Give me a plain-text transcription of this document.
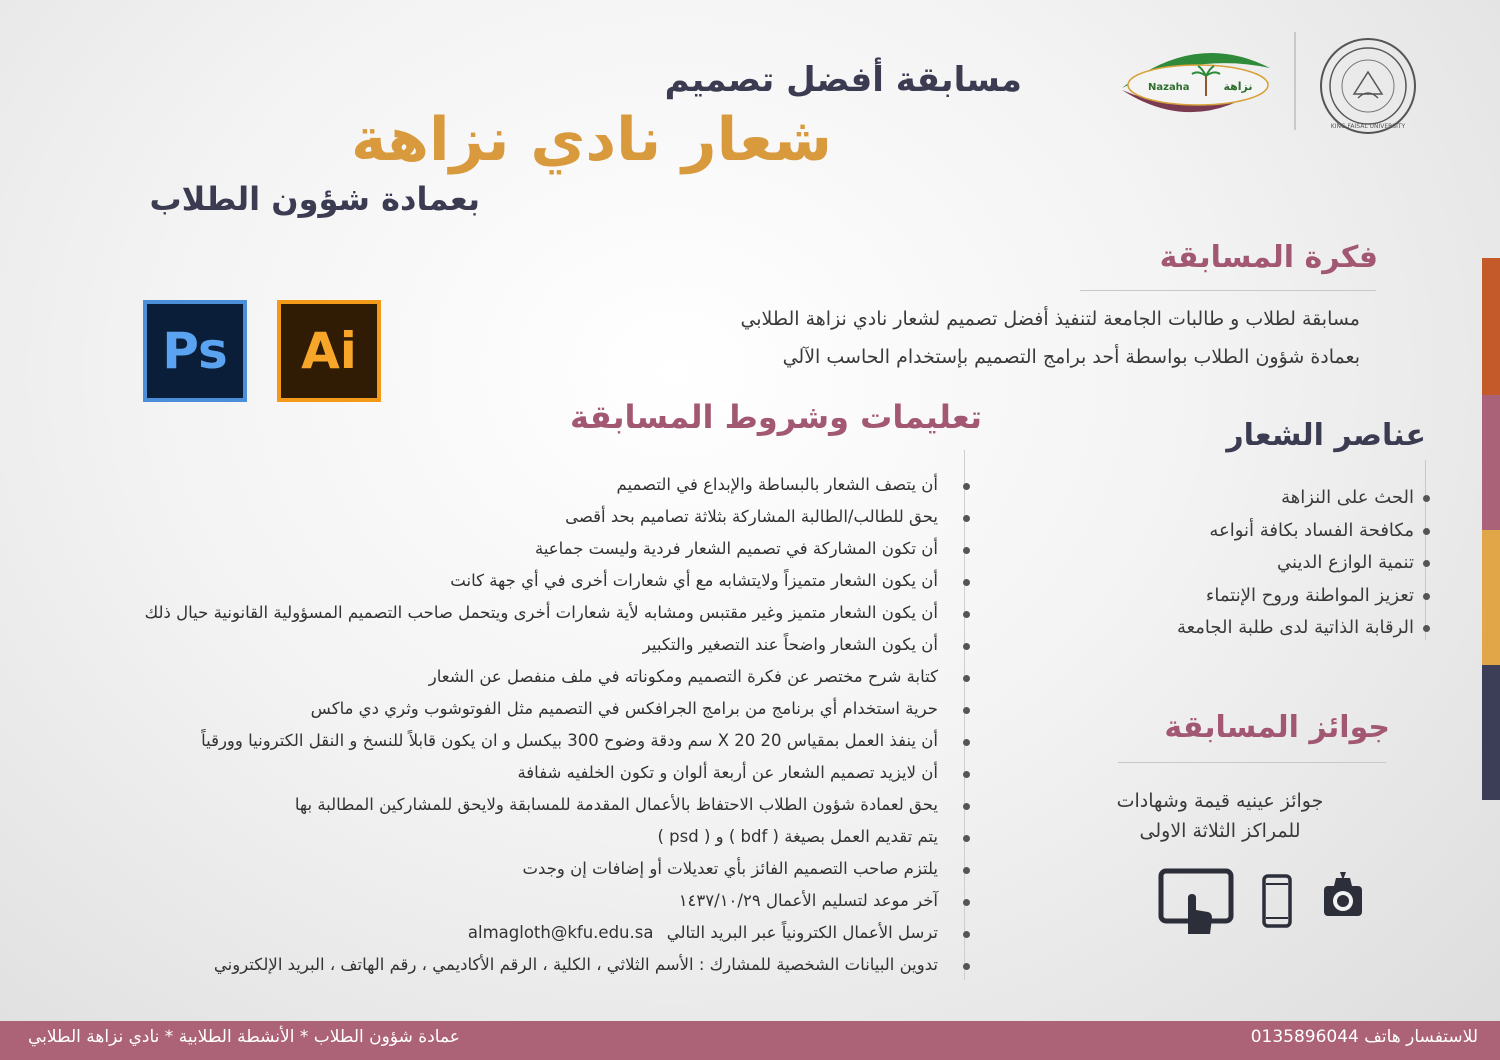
KING FAISAL UNIVERSITY
Nazaha	نزاهة
مسابقة أفضل تصميم
شعار نادي نزاهة
بعمادة شؤون الطلاب
Ps Ai
فكرة المسابقة
مسابقة لطلاب و طالبات الجامعة لتنفيذ أفضل تصميم لشعار نادي نزاهة الطلابي
بعمادة شؤون الطلاب بواسطة أحد برامج التصميم بإستخدام الحاسب الآلي
عناصر الشعار
الحث على النزاهة
مكافحة الفساد بكافة أنواعه
تنمية الوازع الديني
تعزيز المواطنة وروح الإنتماء
الرقابة الذاتية لدى طلبة الجامعة
جوائز المسابقة
جوائز عينيه قيمة وشهادات
للمراكز الثلاثة الاولى
تعليمات وشروط المسابقة
أن يتصف الشعار بالبساطة والإبداع في التصميم
يحق للطالب/الطالبة المشاركة بثلاثة تصاميم بحد أقصى
أن تكون المشاركة في تصميم الشعار فردية وليست جماعية
أن يكون الشعار متميزاً ولايتشابه مع أي شعارات أخرى في أي جهة كانت
أن يكون الشعار متميز وغير مقتبس ومشابه لأية شعارات أخرى ويتحمل صاحب التصميم المسؤولية القانونية حيال ذلك
أن يكون الشعار واضحاً عند التصغير والتكبير
كتابة شرح مختصر عن فكرة التصميم ومكوناته في ملف منفصل عن الشعار
حرية استخدام أي برنامج من برامج الجرافكس في التصميم مثل الفوتوشوب وثري دي ماكس
أن ينفذ العمل بمقياس 20 X 20 سم ودقة وضوح 300 بيكسل و ان يكون قابلاً للنسخ و النقل الكترونيا وورقياً
أن لايزيد تصميم الشعار عن أربعة ألوان و تكون الخلفيه شفافة
يحق لعمادة شؤون الطلاب الاحتفاظ بالأعمال المقدمة للمسابقة ولايحق للمشاركين المطالبة بها
يتم تقديم العمل بصيغة ( bdf ) و ( psd )
يلتزم صاحب التصميم الفائز بأي تعديلات أو إضافات إن وجدت
آخر موعد لتسليم الأعمال ١٤٣٧/١٠/٢٩
ترسل الأعمال الكترونياً عبر البريد التالي almagloth@kfu.edu.sa
تدوين البيانات الشخصية للمشارك : الأسم الثلاثي ، الكلية ، الرقم الأكاديمي ، رقم الهاتف ، البريد الإلكتروني
عمادة شؤون الطلاب * الأنشطة الطلابية * نادي نزاهة الطلابي	للاستفسار هاتف 0135896044
